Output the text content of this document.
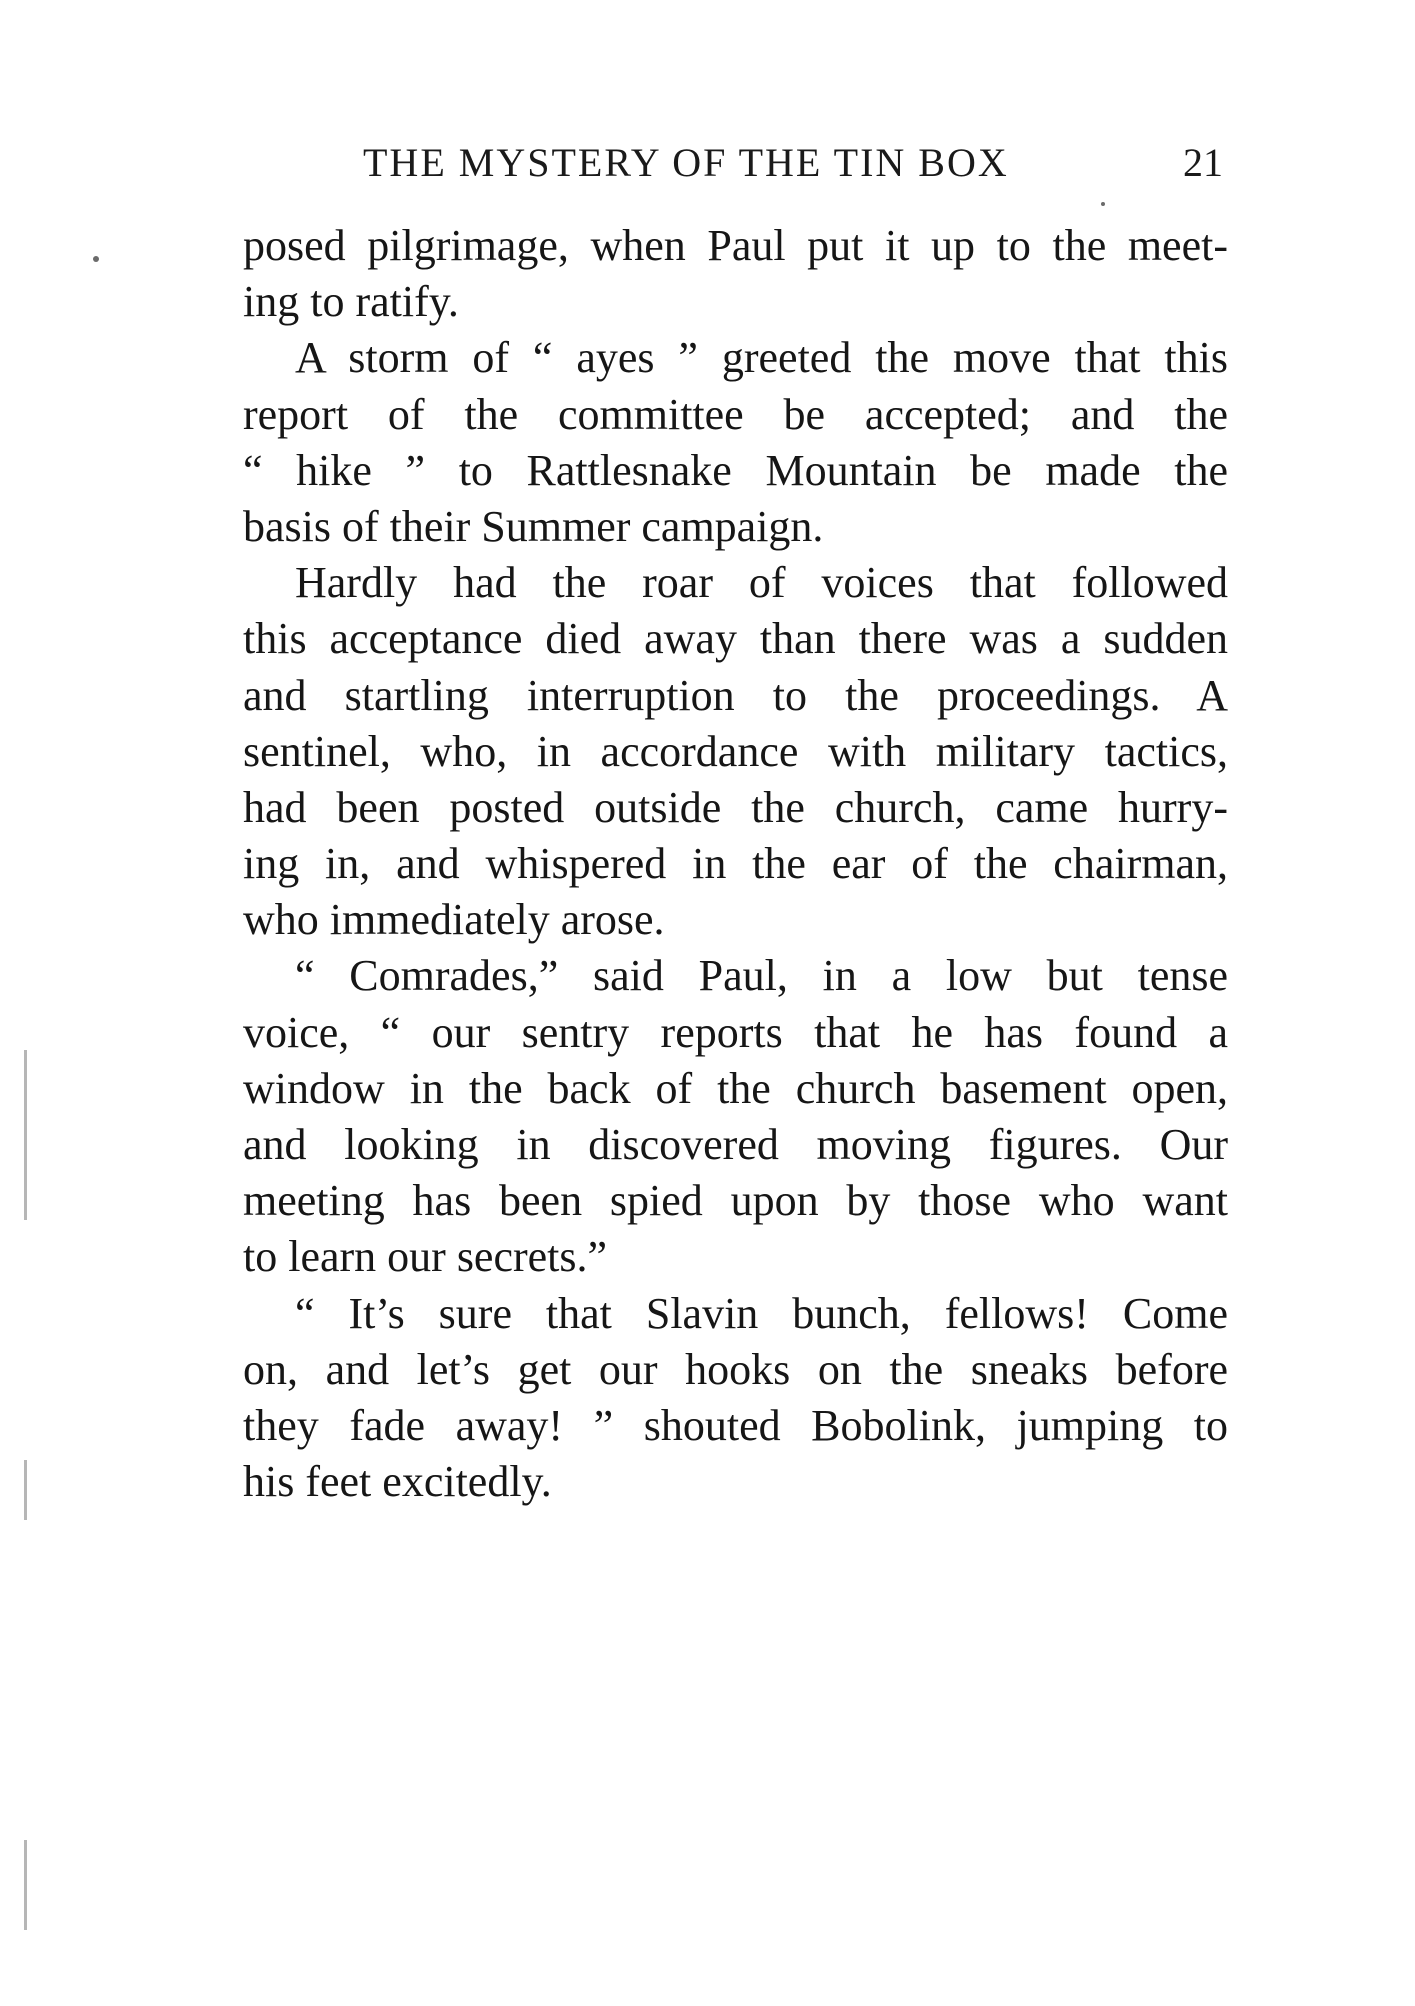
THE MYSTERY OF THE TIN BOX	21
posed pilgrimage, when Paul put it up to the meet-
ing to ratify.
A storm of “ ayes ” greeted the move that this
report of the committee be accepted; and the
“ hike ” to Rattlesnake Mountain be made the
basis of their Summer campaign.
Hardly had the roar of voices that followed
this acceptance died away than there was a sudden
and startling interruption to the proceedings. A
sentinel, who, in accordance with military tactics,
had been posted outside the church, came hurry-
ing in, and whispered in the ear of the chairman,
who immediately arose.
“ Comrades,” said Paul, in a low but tense
voice, “ our sentry reports that he has found a
window in the back of the church basement open,
and looking in discovered moving figures. Our
meeting has been spied upon by those who want
to learn our secrets.”
“ It’s sure that Slavin bunch, fellows! Come
on, and let’s get our hooks on the sneaks before
they fade away! ” shouted Bobolink, jumping to
his feet excitedly.
